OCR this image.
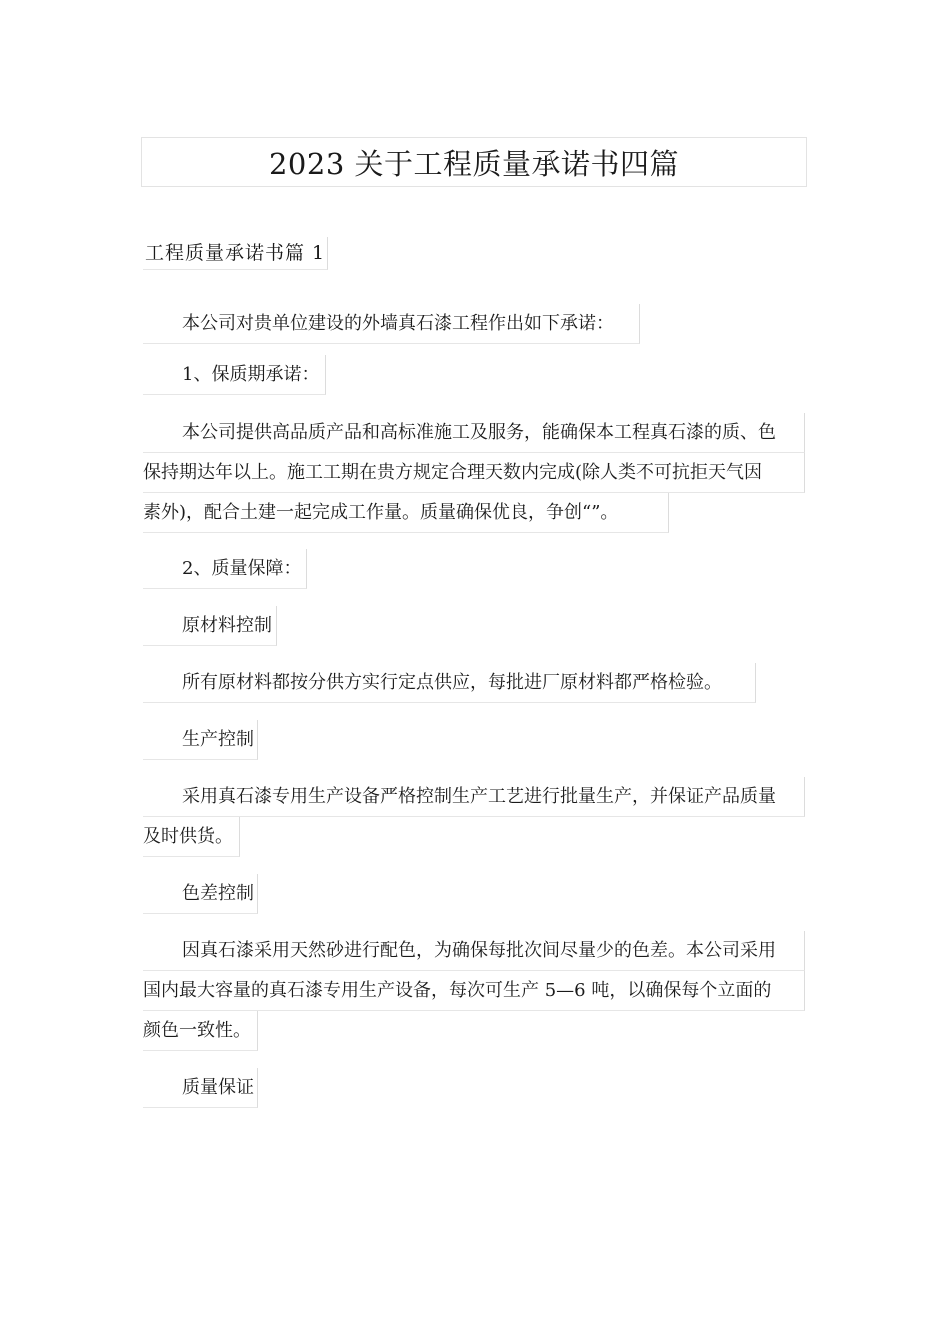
2023 关于工程质量承诺书四篇
工程质量承诺书篇 1
本公司对贵单位建设的外墙真石漆工程作出如下承诺：
1、保质期承诺：
本公司提供高品质产品和高标准施工及服务，能确保本工程真石漆的质、色
保持期达年以上。施工工期在贵方规定合理天数内完成(除人类不可抗拒天气因
素外)，配合土建一起完成工作量。质量确保优良，争创“”。
2、质量保障：
原材料控制
所有原材料都按分供方实行定点供应，每批进厂原材料都严格检验。
生产控制
采用真石漆专用生产设备严格控制生产工艺进行批量生产，并保证产品质量
及时供货。
色差控制
因真石漆采用天然砂进行配色，为确保每批次间尽量少的色差。本公司采用
国内最大容量的真石漆专用生产设备，每次可生产 5—6 吨，以确保每个立面的
颜色一致性。
质量保证
